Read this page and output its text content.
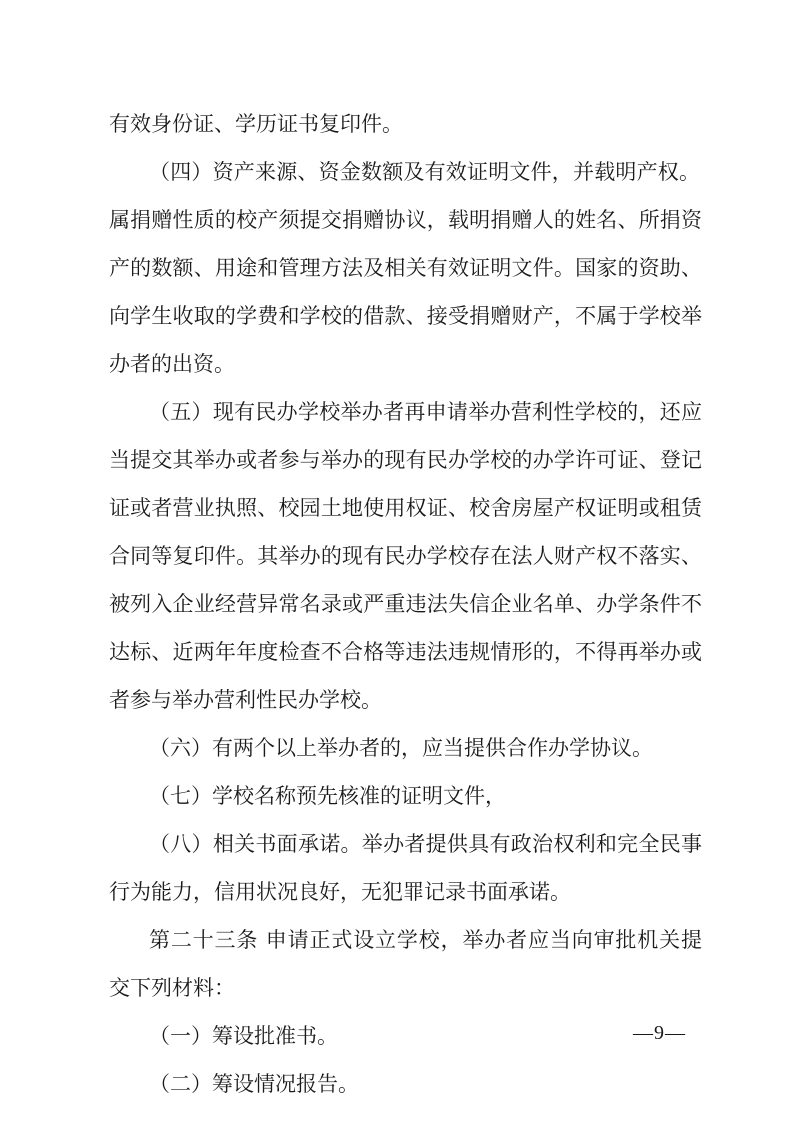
有效身份证、学历证书复印件。
（四）资产来源、资金数额及有效证明文件，并载明产权。
属捐赠性质的校产须提交捐赠协议，载明捐赠人的姓名、所捐资
产的数额、用途和管理方法及相关有效证明文件。国家的资助、
向学生收取的学费和学校的借款、接受捐赠财产，不属于学校举
办者的出资。
（五）现有民办学校举办者再申请举办营利性学校的，还应
当提交其举办或者参与举办的现有民办学校的办学许可证、登记
证或者营业执照、校园土地使用权证、校舍房屋产权证明或租赁
合同等复印件。其举办的现有民办学校存在法人财产权不落实、
被列入企业经营异常名录或严重违法失信企业名单、办学条件不
达标、近两年年度检查不合格等违法违规情形的，不得再举办或
者参与举办营利性民办学校。
（六）有两个以上举办者的，应当提供合作办学协议。
（七）学校名称预先核准的证明文件，
（八）相关书面承诺。举办者提供具有政治权利和完全民事
行为能力，信用状况良好，无犯罪记录书面承诺。
第二十三条 申请正式设立学校，举办者应当向审批机关提
交下列材料：
（一）筹设批准书。
（二）筹设情况报告。
—9—
